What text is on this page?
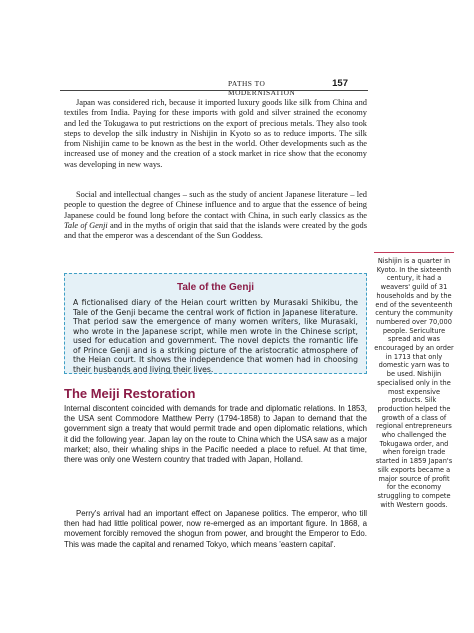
PATHS TO MODERNISATION
157

Japan was considered rich, because it imported luxury goods like silk from China and textiles from India. Paying for these imports with gold and silver strained the economy and led the Tokugawa to put restrictions on the export of precious metals. They also took steps to develop the silk industry in Nishijin in Kyoto so as to reduce imports. The silk from Nishijin came to be known as the best in the world. Other developments such as the increased use of money and the creation of a stock market in rice show that the economy was developing in new ways.

Social and intellectual changes – such as the study of ancient Japanese literature – led people to question the degree of Chinese influence and to argue that the essence of being Japanese could be found long before the contact with China, in such early classics as the Tale of Genji and in the myths of origin that said that the islands were created by the gods and that the emperor was a descendant of the Sun Goddess.

Tale of the Genji
A fictionalised diary of the Heian court written by Murasaki Shikibu, the Tale of the Genji became the central work of fiction in Japanese literature. That period saw the emergence of many women writers, like Murasaki, who wrote in the Japanese script, while men wrote in the Chinese script, used for education and government. The novel depicts the romantic life of Prince Genji and is a striking picture of the aristocratic atmosphere of the Heian court. It shows the independence that women had in choosing their husbands and living their lives.
The Meiji Restoration

Internal discontent coincided with demands for trade and diplomatic relations. In 1853, the USA sent Commodore Matthew Perry (1794-1858) to Japan to demand that the government sign a treaty that would permit trade and open diplomatic relations, which it did the following year. Japan lay on the route to China which the USA saw as a major market; also, their whaling ships in the Pacific needed a place to refuel. At that time, there was only one Western country that traded with Japan, Holland.

Perry's arrival had an important effect on Japanese politics. The emperor, who till then had had little political power, now re-emerged as an important figure. In 1868, a movement forcibly removed the shogun from power, and brought the Emperor to Edo. This was made the capital and renamed Tokyo, which means 'eastern capital'.

Nishijin is a quarter in Kyoto. In the sixteenth century, it had a weavers' guild of 31 households and by the end of the seventeenth century the community numbered over 70,000 people. Sericulture spread and was encouraged by an order in 1713 that only domestic yarn was to be used. Nishijin specialised only in the most expensive products. Silk production helped the growth of a class of regional entrepreneurs who challenged the Tokugawa order, and when foreign trade started in 1859 Japan's silk exports became a major source of profit for the economy struggling to compete with Western goods.
